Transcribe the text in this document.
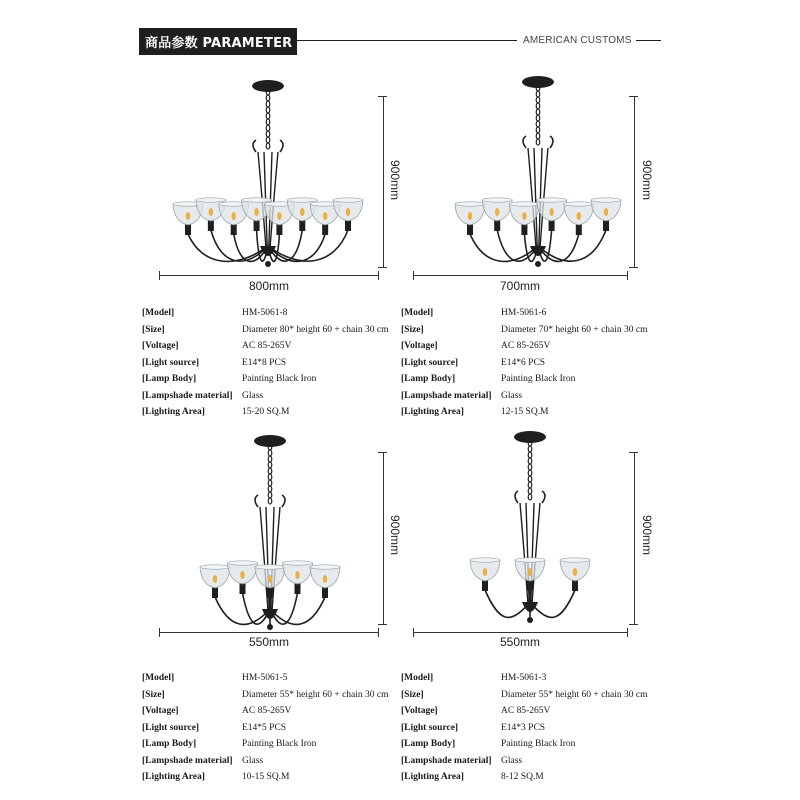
商品参数 PARAMETER	AMERICAN CUSTOMS
800mm
900mm
[Model]	HM-5061-8
[Size]	Diameter 80* height 60 + chain 30 cm
[Voltage]	AC 85-265V
[Light source]	E14*8 PCS
[Lamp Body]	Painting Black Iron
[Lampshade material] Glass
[Lighting Area]	15-20 SQ.M
700mm
900mm
[Model]	HM-5061-6
[Size]	Diameter 70* height 60 + chain 30 cm
[Voltage]	AC 85-265V
[Light source]	E14*6 PCS
[Lamp Body]	Painting Black Iron
[Lampshade material] Glass
[Lighting Area]	12-15 SQ.M
550mm
900mm
[Model]	HM-5061-5
[Size]	Diameter 55* height 60 + chain 30 cm
[Voltage]	AC 85-265V
[Light source]	E14*5 PCS
[Lamp Body]	Painting Black Iron
[Lampshade material] Glass
[Lighting Area]	10-15 SQ.M
550mm
900mm
[Model]	HM-5061-3
[Size]	Diameter 55* height 60 + chain 30 cm
[Voltage]	AC 85-265V
[Light source]	E14*3 PCS
[Lamp Body]	Painting Black Iron
[Lampshade material] Glass
[Lighting Area]	8-12 SQ.M
